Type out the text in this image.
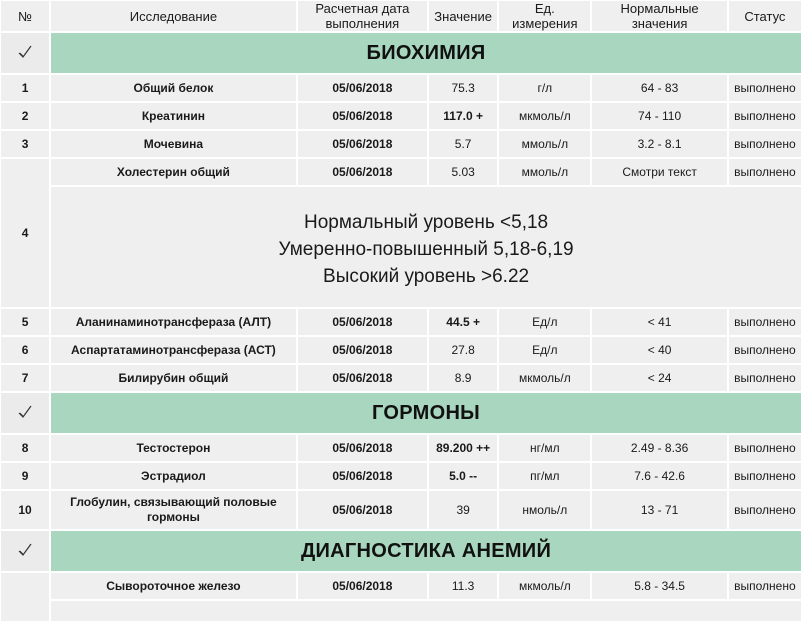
№	Исследование	Расчетная дата выполнения	Значение	Ед. измерения	Нормальные значения	Статус
	БИОХИМИЯ					
1	Общий белок	05/06/2018	75.3	г/л	64 - 83	выполнено
2	Креатинин	05/06/2018	117.0 +	мкмоль/л	74 - 110	выполнено
3	Мочевина	05/06/2018	5.7	ммоль/л	3.2 - 8.1	выполнено
4	Холестерин общий	05/06/2018	5.03	ммоль/л	Смотри текст	выполнено

	Нормальный уровень <5,18
Умеренно-повышенный 5,18-6,19
Высокий уровень >6.22					

5	Аланинаминотрансфераза (АЛТ)	05/06/2018	44.5 +	Ед/л	< 41	выполнено
6	Аспартатаминотрансфераза (АСТ)	05/06/2018	27.8	Ед/л	< 40	выполнено
7	Билирубин общий	05/06/2018	8.9	мкмоль/л	< 24	выполнено
	ГОРМОНЫ					
8	Тестостерон	05/06/2018	89.200 ++	нг/мл	2.49 - 8.36	выполнено
9	Эстрадиол	05/06/2018	5.0 --	пг/мл	7.6 - 42.6	выполнено
10	Глобулин, связывающий половые гормоны	05/06/2018	39	нмоль/л	13 - 71	выполнено
	ДИАГНОСТИКА АНЕМИЙ					
	Сывороточное железо	05/06/2018	11.3	мкмоль/л	5.8 - 34.5	выполнено
